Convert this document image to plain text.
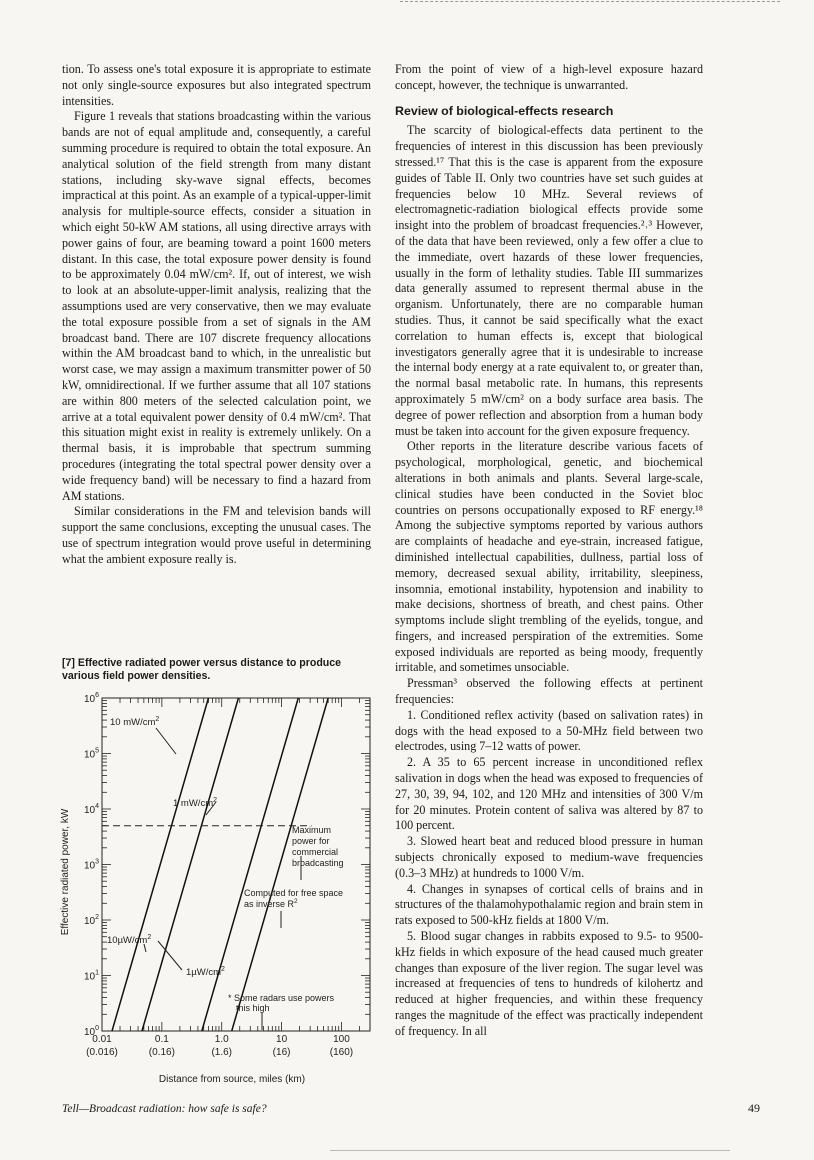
tion. To assess one's total exposure it is appropriate to estimate not only single-source exposures but also integrated spectrum intensities.

Figure 1 reveals that stations broadcasting within the various bands are not of equal amplitude and, consequently, a careful summing procedure is required to obtain the total exposure. An analytical solution of the field strength from many distant stations, including sky-wave signal effects, becomes impractical at this point. As an example of a typical-upper-limit analysis for multiple-source effects, consider a situation in which eight 50-kW AM stations, all using directive arrays with power gains of four, are beaming toward a point 1600 meters distant. In this case, the total exposure power density is found to be approximately 0.04 mW/cm². If, out of interest, we wish to look at an absolute-upper-limit analysis, realizing that the assumptions used are very conservative, then we may evaluate the total exposure possible from a set of signals in the AM broadcast band. There are 107 discrete frequency allocations within the AM broadcast band to which, in the unrealistic but worst case, we may assign a maximum transmitter power of 50 kW, omnidirectional. If we further assume that all 107 stations are within 800 meters of the selected calculation point, we arrive at a total equivalent power density of 0.4 mW/cm². That this situation might exist in reality is extremely unlikely. On a thermal basis, it is improbable that spectrum summing procedures (integrating the total spectral power density over a wide frequency band) will be necessary to find a hazard from AM stations.

Similar considerations in the FM and television bands will support the same conclusions, excepting the unusual cases. The use of spectrum integration would prove useful in determining what the ambient exposure really is.

[7] Effective radiated power versus distance to produce various field power densities.
$10^0$
$10^1$
$10^2$
$10^3$
$10^4$
$10^5$
$10^6$
0.01
(0.016)
0.1
(0.16)
1.0
(1.6)
10
(16)
100
(160)
Effective radiated power, kW
Distance from source, miles (km)
10 $mW/cm^2$
1 $mW/cm^2$
$10\mu W/cm^2$
$1\mu W/cm^2$
Maximum
power for
commercial
broadcasting
Computed for free space
as inverse $R^2$
* Some radars use powers
this high

From the point of view of a high-level exposure hazard concept, however, the technique is unwarranted.

Review of biological-effects research

The scarcity of biological-effects data pertinent to the frequencies of interest in this discussion has been previously stressed.¹⁷ That this is the case is apparent from the exposure guides of Table II. Only two countries have set such guides at frequencies below 10 MHz. Several reviews of electromagnetic-radiation biological effects provide some insight into the problem of broadcast frequencies.²˒³ However, of the data that have been reviewed, only a few offer a clue to the immediate, overt hazards of these lower frequencies, usually in the form of lethality studies. Table III summarizes data generally assumed to represent thermal abuse in the organism. Unfortunately, there are no comparable human studies. Thus, it cannot be said specifically what the exact correlation to human effects is, except that biological investigators generally agree that it is undesirable to increase the internal body energy at a rate equivalent to, or greater than, the normal basal metabolic rate. In humans, this represents approximately 5 mW/cm² on a body surface area basis. The degree of power reflection and absorption from a human body must be taken into account for the given exposure frequency.

Other reports in the literature describe various facets of psychological, morphological, genetic, and biochemical alterations in both animals and plants. Several large-scale, clinical studies have been conducted in the Soviet bloc countries on persons occupationally exposed to RF energy.¹⁸ Among the subjective symptoms reported by various authors are complaints of headache and eye-strain, increased fatigue, diminished intellectual capabilities, dullness, partial loss of memory, decreased sexual ability, irritability, sleepiness, insomnia, emotional instability, hypotension and inability to make decisions, shortness of breath, and chest pains. Other symptoms include slight trembling of the eyelids, tongue, and fingers, and increased perspiration of the extremities. Some exposed individuals are reported as being moody, frequently irritable, and sometimes unsociable.

Pressman³ observed the following effects at pertinent frequencies:

1. Conditioned reflex activity (based on salivation rates) in dogs with the head exposed to a 50-MHz field between two electrodes, using 7–12 watts of power.

2. A 35 to 65 percent increase in unconditioned reflex salivation in dogs when the head was exposed to frequencies of 27, 30, 39, 94, 102, and 120 MHz and intensities of 300 V/m for 20 minutes. Protein content of saliva was altered by 87 to 100 percent.

3. Slowed heart beat and reduced blood pressure in human subjects chronically exposed to medium-wave frequencies (0.3–3 MHz) at hundreds to 1000 V/m.

4. Changes in synapses of cortical cells of brains and in structures of the thalamohypothalamic region and brain stem in rats exposed to 500-kHz fields at 1800 V/m.

5. Blood sugar changes in rabbits exposed to 9.5- to 9500-kHz fields in which exposure of the head caused much greater changes than exposure of the liver region. The sugar level was increased at frequencies of tens to hundreds of kilohertz and reduced at higher frequencies, and within these frequency ranges the magnitude of the effect was practically independent of frequency. In all

Tell—Broadcast radiation: how safe is safe?	49
